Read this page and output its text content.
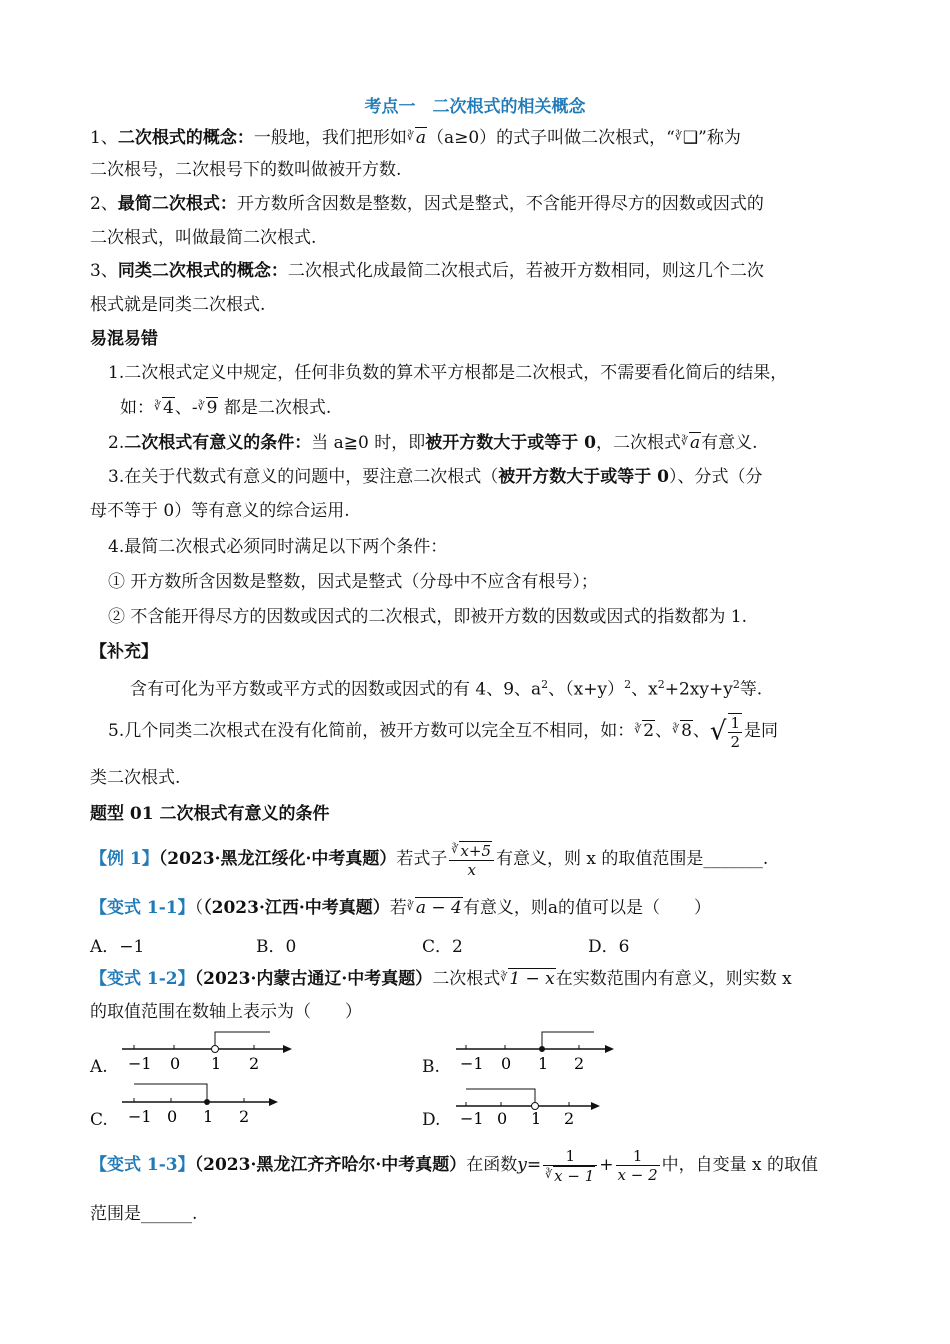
考点一　二次根式的相关概念
1、二次根式的概念：一般地，我们把形如∛ a（a≥0）的式子叫做二次根式，“∛❑”称为
二次根号，二次根号下的数叫做被开方数.
2、最简二次根式：开方数所含因数是整数，因式是整式，不含能开得尽方的因数或因式的
二次根式，叫做最简二次根式.
3、同类二次根式的概念：二次根式化成最简二次根式后，若被开方数相同，则这几个二次
根式就是同类二次根式.
易混易错
1.二次根式定义中规定，任何非负数的算术平方根都是二次根式，不需要看化简后的结果，
如：∛ 4、-∛ 9 都是二次根式.
2.二次根式有意义的条件：当 a≧0 时，即被开方数大于或等于 0，二次根式∛ a有意义.
3.在关于代数式有意义的问题中，要注意二次根式（被开方数大于或等于 0）、分式（分
母不等于 0）等有意义的综合运用.
4.最简二次根式必须同时满足以下两个条件：
① 开方数所含因数是整数，因式是整式（分母中不应含有根号）；
② 不含能开得尽方的因数或因式的二次根式，即被开方数的因数或因式的指数都为 1.
【补充】
含有可化为平方数或平方式的因数或因式的有 4、9、$a^2$、$(x+y)^2$、$x^2+2xy+y^2$等.
5.几个同类二次根式在没有化简前，被开方数可以完全互不相同，如：∛ 2、∛ 8、√ $\frac{1}{2}$ 是同
类二次根式.
题型 01 二次根式有意义的条件
【例 1】（2023·黑龙江绥化·中考真题）若式子 $\frac{^∛ x+5}{x}$ 有意义，则 x 的取值范围是_______.
【变式 1-1】（（2023·江西·中考真题）若∛ a − 4有意义，则a的值可以是（　　）
A．−1	B．0	C．2	D．6
【变式 1-2】（2023·内蒙古通辽·中考真题）二次根式∛ 1 − x在实数范围内有意义，则实数 x
的取值范围在数轴上表示为（　　）
A. −1 0 1 2	B. −1 0 1 2
C. −1 0 1 2	D. −1 0 1 2
【变式 1-3】（2023·黑龙江齐齐哈尔·中考真题）在函数$y= \frac{1}{^∛ x - 1} + \frac{1}{x - 2}$ 中，自变量 x 的取值
范围是______.
